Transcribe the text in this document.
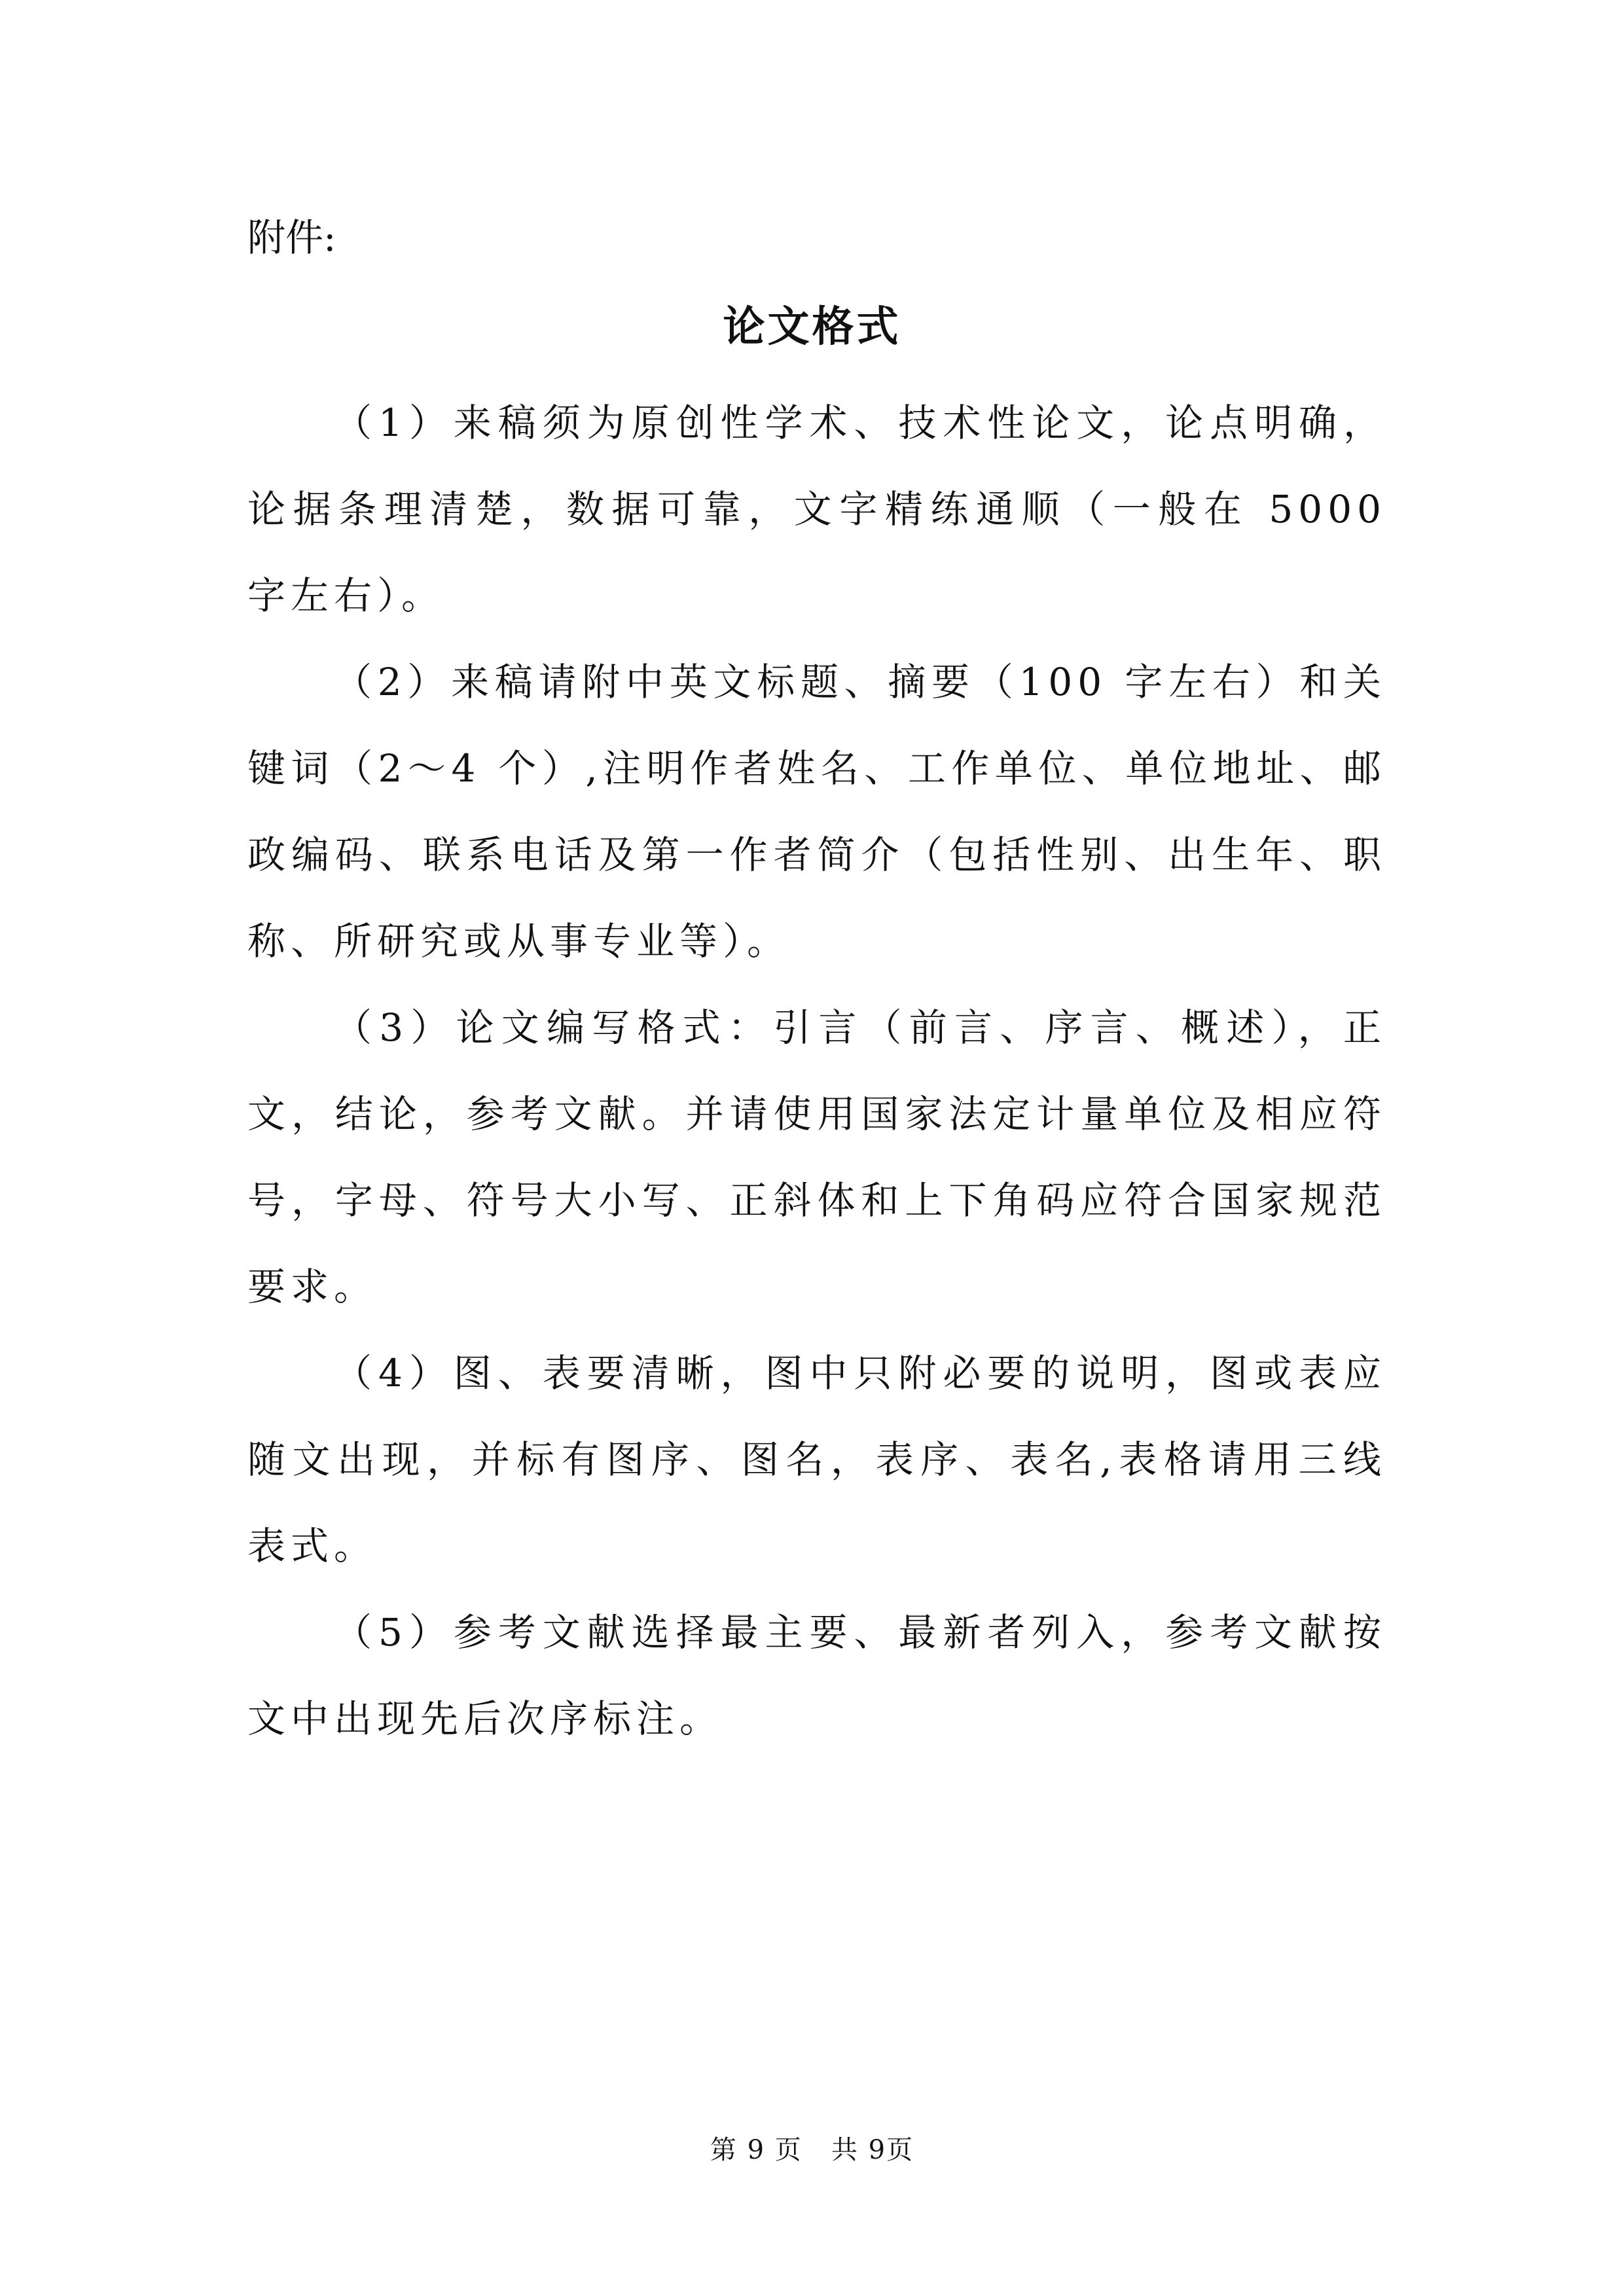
附件:
论文格式

（1）来稿须为原创性学术、技术性论文，论点明确，论据条理清楚，数据可靠，文字精练通顺（一般在 5000 字左右）。

（2）来稿请附中英文标题、摘要（100 字左右）和关键词（2～4 个）,注明作者姓名、工作单位、单位地址、邮政编码、联系电话及第一作者简介（包括性别、出生年、职称、所研究或从事专业等）。

（3）论文编写格式：引言（前言、序言、概述），正文，结论，参考文献。并请使用国家法定计量单位及相应符号，字母、符号大小写、正斜体和上下角码应符合国家规范要求。

（4）图、表要清晰，图中只附必要的说明，图或表应随文出现，并标有图序、图名，表序、表名,表格请用三线表式。

（5）参考文献选择最主要、最新者列入，参考文献按文中出现先后次序标注。

第 9 页   共 9页
